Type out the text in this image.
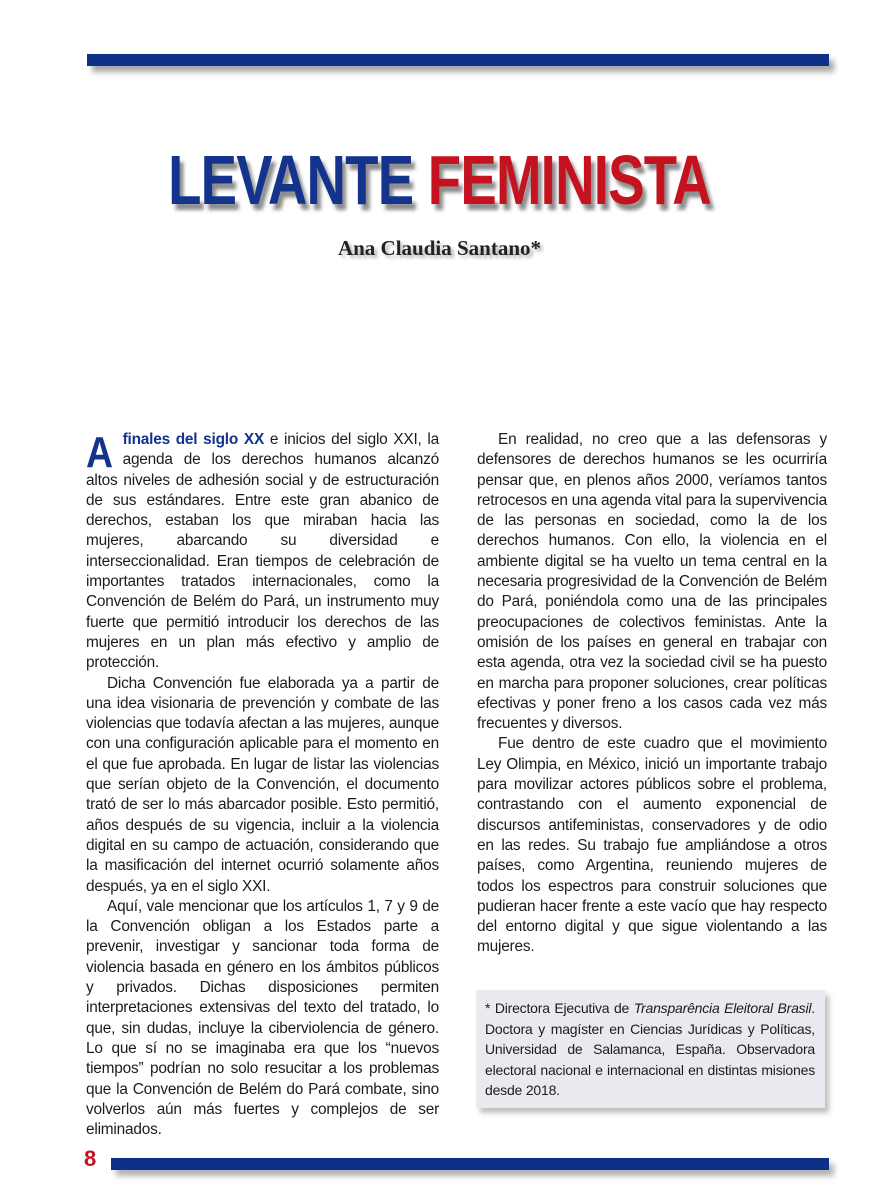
LEVANTE FEMINISTA
Ana Claudia Santano*

Afinales del siglo XX e inicios del siglo XXI, la agenda de los derechos humanos alcanzó altos niveles de adhesión social y de estructuración de sus estándares. Entre este gran abanico de derechos, estaban los que miraban hacia las mujeres, abarcando su diversidad e interseccionalidad. Eran tiempos de celebración de importantes tratados internacionales, como la Convención de Belém do Pará, un instrumento muy fuerte que permitió introducir los derechos de las mujeres en un plan más efectivo y amplio de protección.

Dicha Convención fue elaborada ya a partir de una idea visionaria de prevención y combate de las violencias que todavía afectan a las mujeres, aunque con una configuración aplicable para el momento en el que fue aprobada. En lugar de listar las violencias que serían objeto de la Convención, el documento trató de ser lo más abarcador posible. Esto permitió, años después de su vigencia, incluir a la violencia digital en su campo de actuación, considerando que la masificación del internet ocurrió solamente años después, ya en el siglo XXI.

Aquí, vale mencionar que los artículos 1, 7 y 9 de la Convención obligan a los Estados parte a prevenir, investigar y sancionar toda forma de violencia basada en género en los ámbitos públicos y privados. Dichas disposiciones permiten interpretaciones extensivas del texto del tratado, lo que, sin dudas, incluye la ciberviolencia de género. Lo que sí no se imaginaba era que los “nuevos tiempos” podrían no solo resucitar a los problemas que la Convención de Belém do Pará combate, sino volverlos aún más fuertes y complejos de ser eliminados.

En realidad, no creo que a las defensoras y defensores de derechos humanos se les ocurriría pensar que, en plenos años 2000, veríamos tantos retrocesos en una agenda vital para la supervivencia de las personas en sociedad, como la de los derechos humanos. Con ello, la violencia en el ambiente digital se ha vuelto un tema central en la necesaria progresividad de la Convención de Belém do Pará, poniéndola como una de las principales preocupaciones de colectivos feministas. Ante la omisión de los países en general en trabajar con esta agenda, otra vez la sociedad civil se ha puesto en marcha para proponer soluciones, crear políticas efectivas y poner freno a los casos cada vez más frecuentes y diversos.

Fue dentro de este cuadro que el movimiento Ley Olimpia, en México, inició un importante trabajo para movilizar actores públicos sobre el problema, contrastando con el aumento exponencial de discursos antifeministas, conservadores y de odio en las redes. Su trabajo fue ampliándose a otros países, como Argentina, reuniendo mujeres de todos los espectros para construir soluciones que pudieran hacer frente a este vacío que hay respecto del entorno digital y que sigue violentando a las mujeres.

* Directora Ejecutiva de Transparência Eleitoral Brasil. Doctora y magíster en Ciencias Jurídicas y Políticas, Universidad de Salamanca, España. Observadora electoral nacional e internacional en distintas misiones desde 2018.
8
